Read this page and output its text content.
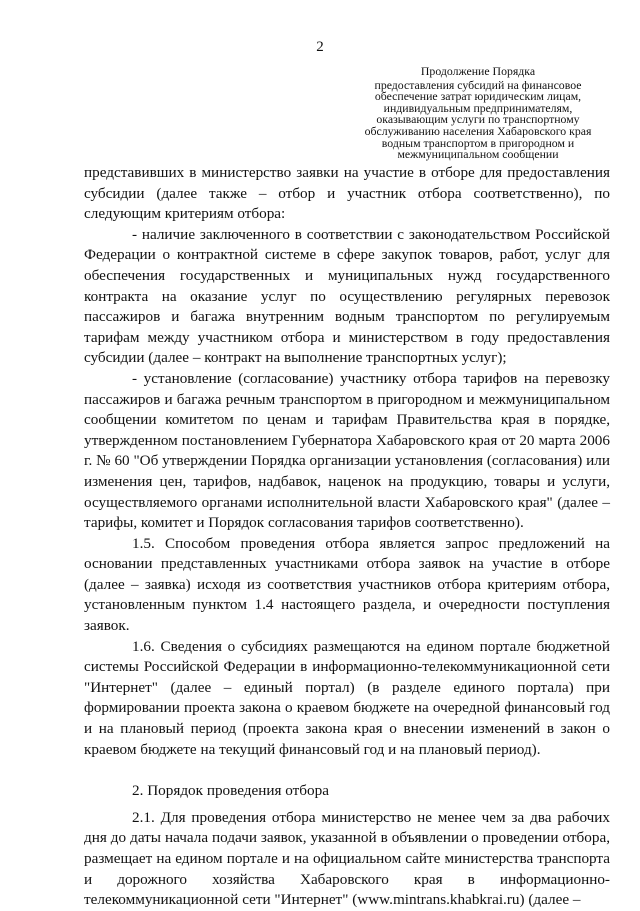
2

Продолжение Порядка

предоставления субсидий на финансовое

обеспечение затрат юридическим лицам,

индивидуальным предпринимателям,

оказывающим услуги по транспортному

обслуживанию населения Хабаровского края

водным транспортом в пригородном и

межмуниципальном сообщении

представивших в министерство заявки на участие в отборе для предоставления субсидии (далее также – отбор и участник отбора соответственно), по следующим критериям отбора:

- наличие заключенного в соответствии с законодательством Российской Федерации о контрактной системе в сфере закупок товаров, работ, услуг для обеспечения государственных и муниципальных нужд государственного контракта на оказание услуг по осуществлению регулярных перевозок пассажиров и багажа внутренним водным транспортом по регулируемым тарифам между участником отбора и министерством в году предоставления субсидии (далее – контракт на выполнение транспортных услуг);

- установление (согласование) участнику отбора тарифов на перевозку пассажиров и багажа речным транспортом в пригородном и межмуниципальном сообщении комитетом по ценам и тарифам Правительства края в порядке, утвержденном постановлением Губернатора Хабаровского края от 20 марта 2006 г. № 60 "Об утверждении Порядка организации установления (согласования) или изменения цен, тарифов, надбавок, наценок на продукцию, товары и услуги, осуществляемого органами исполнительной власти Хабаровского края" (далее – тарифы, комитет и Порядок согласования тарифов соответственно).

1.5. Способом проведения отбора является запрос предложений на основании представленных участниками отбора заявок на участие в отборе (далее – заявка) исходя из соответствия участников отбора критериям отбора, установленным пунктом 1.4 настоящего раздела, и очередности поступления заявок.

1.6. Сведения о субсидиях размещаются на едином портале бюджетной системы Российской Федерации в информационно-телекоммуникационной сети "Интернет" (далее – единый портал) (в разделе единого портала) при формировании проекта закона о краевом бюджете на очередной финансовый год и на плановый период (проекта закона края о внесении изменений в закон о краевом бюджете на текущий финансовый год и на плановый период).

2. Порядок проведения отбора

2.1. Для проведения отбора министерство не менее чем за два рабочих дня до даты начала подачи заявок, указанной в объявлении о проведении отбора, размещает на едином портале и на официальном сайте министерства транспорта и дорожного хозяйства Хабаровского края в информационно-телекоммуникационной сети "Интернет" (www.mintrans.khabkrai.ru) (далее –
